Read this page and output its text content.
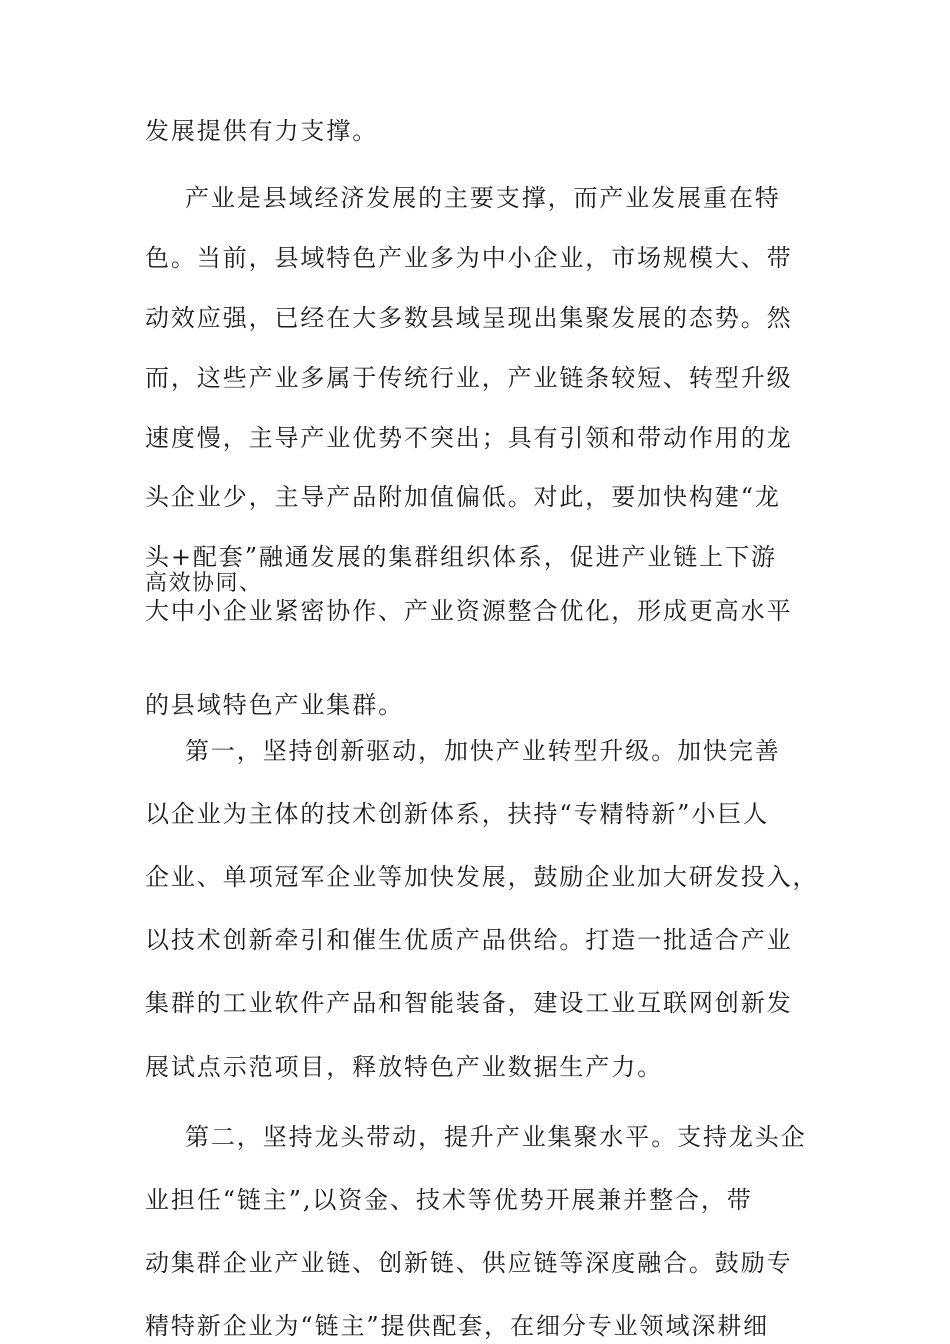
发展提供有力支撑。
产业是县域经济发展的主要支撑，而产业发展重在特
色。当前，县域特色产业多为中小企业，市场规模大、带
动效应强，已经在大多数县域呈现出集聚发展的态势。然
而，这些产业多属于传统行业，产业链条较短、转型升级
速度慢，主导产业优势不突出；具有引领和带动作用的龙
头企业少，主导产品附加值偏低。对此，要加快构建“龙
头+配套”融通发展的集群组织体系，促进产业链上下游
高效协同、
大中小企业紧密协作、产业资源整合优化，形成更高水平
的县域特色产业集群。
第一，坚持创新驱动，加快产业转型升级。加快完善
以企业为主体的技术创新体系，扶持“专精特新”小巨人
企业、单项冠军企业等加快发展，鼓励企业加大研发投入，
以技术创新牵引和催生优质产品供给。打造一批适合产业
集群的工业软件产品和智能装备，建设工业互联网创新发
展试点示范项目，释放特色产业数据生产力。
第二，坚持龙头带动，提升产业集聚水平。支持龙头企
业担任“链主”,以资金、技术等优势开展兼并整合，带
动集群企业产业链、创新链、供应链等深度融合。鼓励专
精特新企业为“链主”提供配套，在细分专业领域深耕细
